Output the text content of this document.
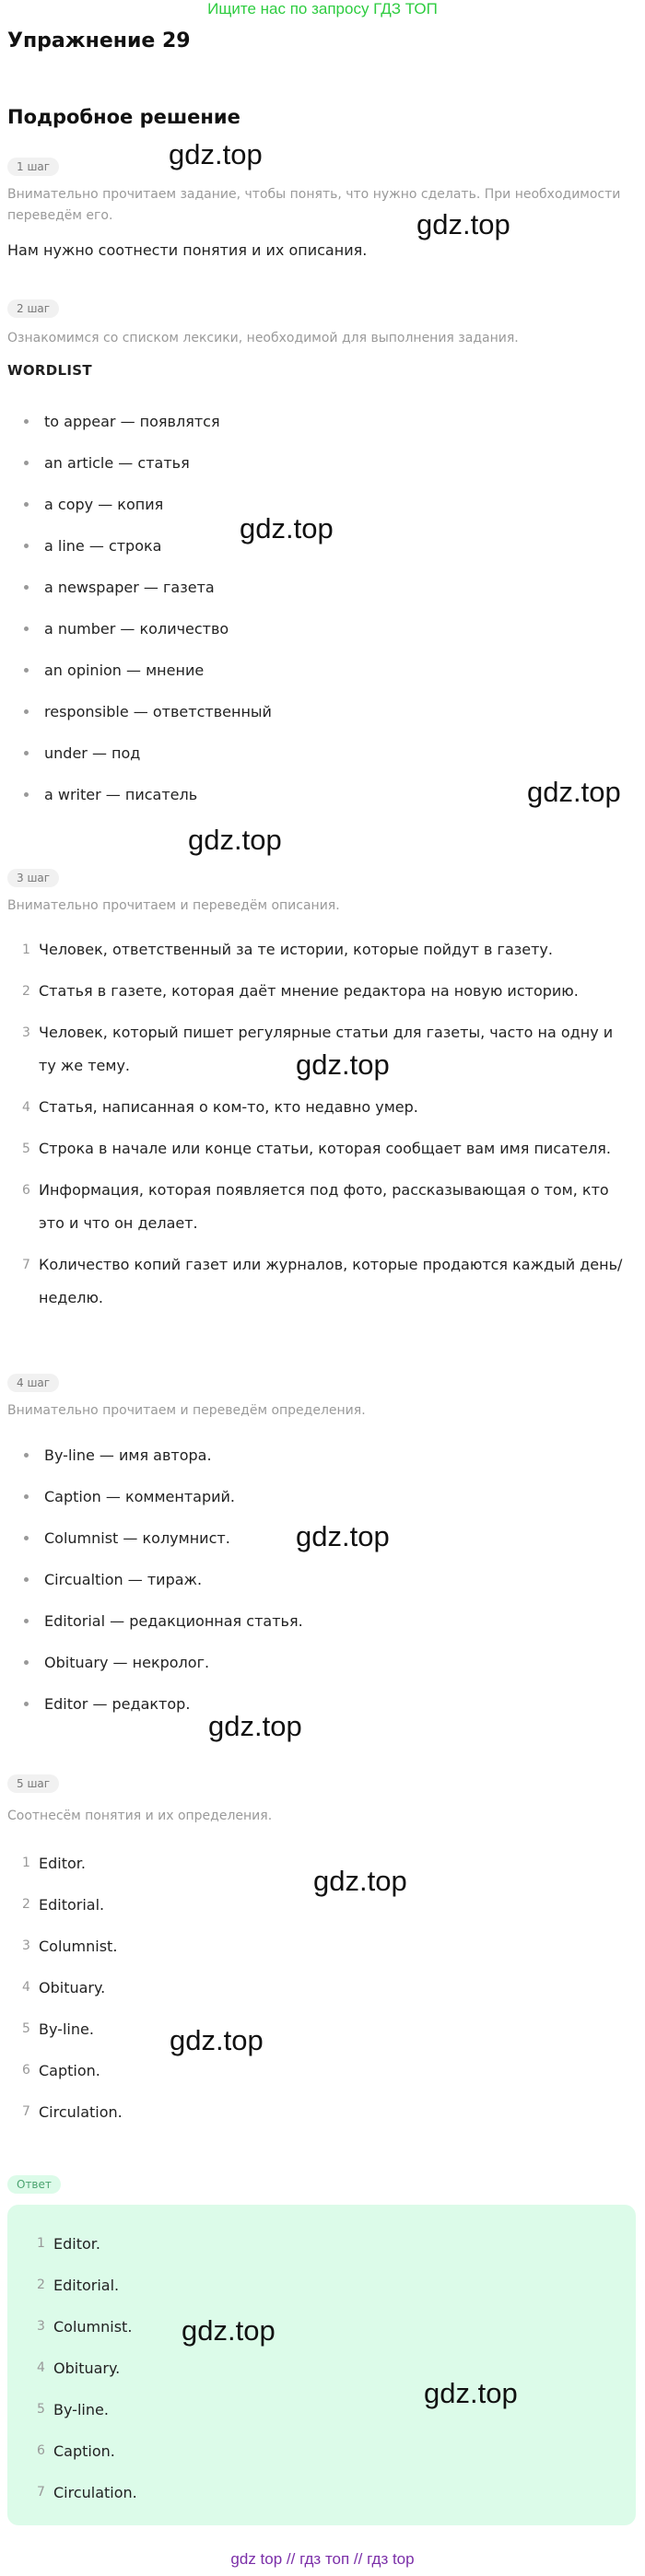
Ищите нас по запросу ГДЗ ТОП
Упражнение 29
Подробное решение
1 шаг
Внимательно прочитаем задание, чтобы понять, что нужно сделать. При необходимости переведём его.
Нам нужно соотнести понятия и их описания.
2 шаг
Ознакомимся со списком лексики, необходимой для выполнения задания.
WORDLIST
to appear — появлятся
an article — статья
a copy — копия
a line — строка
a newspaper — газета
a number — количество
an opinion — мнение
responsible — ответственный
under — под
a writer — писатель
3 шаг
Внимательно прочитаем и переведём описания.
1 Человек, ответственный за те истории, которые пойдут в газету.
2 Статья в газете, которая даёт мнение редактора на новую историю.
3 Человек, который пишет регулярные статьи для газеты, часто на одну и ту же тему.
4 Статья, написанная о ком-то, кто недавно умер.
5 Строка в начале или конце статьи, которая сообщает вам имя писателя.
6 Информация, которая появляется под фото, рассказывающая о том, кто это и что он делает.
7 Количество копий газет или журналов, которые продаются каждый день/неделю.
4 шаг
Внимательно прочитаем и переведём определения.
By-line — имя автора.
Caption — комментарий.
Columnist — колумнист.
Circualtion — тираж.
Editorial — редакционная статья.
Obituary — некролог.
Editor — редактор.
5 шаг
Соотнесём понятия и их определения.
1 Editor.
2 Editorial.
3 Columnist.
4 Obituary.
5 By-line.
6 Caption.
7 Circulation.
Ответ
1 Editor.
2 Editorial.
3 Columnist.
4 Obituary.
5 By-line.
6 Caption.
7 Circulation.
gdz.top
gdz.top
gdz.top
gdz.top
gdz.top
gdz.top
gdz.top
gdz.top
gdz.top
gdz.top
gdz.top
gdz.top
gdz top // гдз топ // гдз top
